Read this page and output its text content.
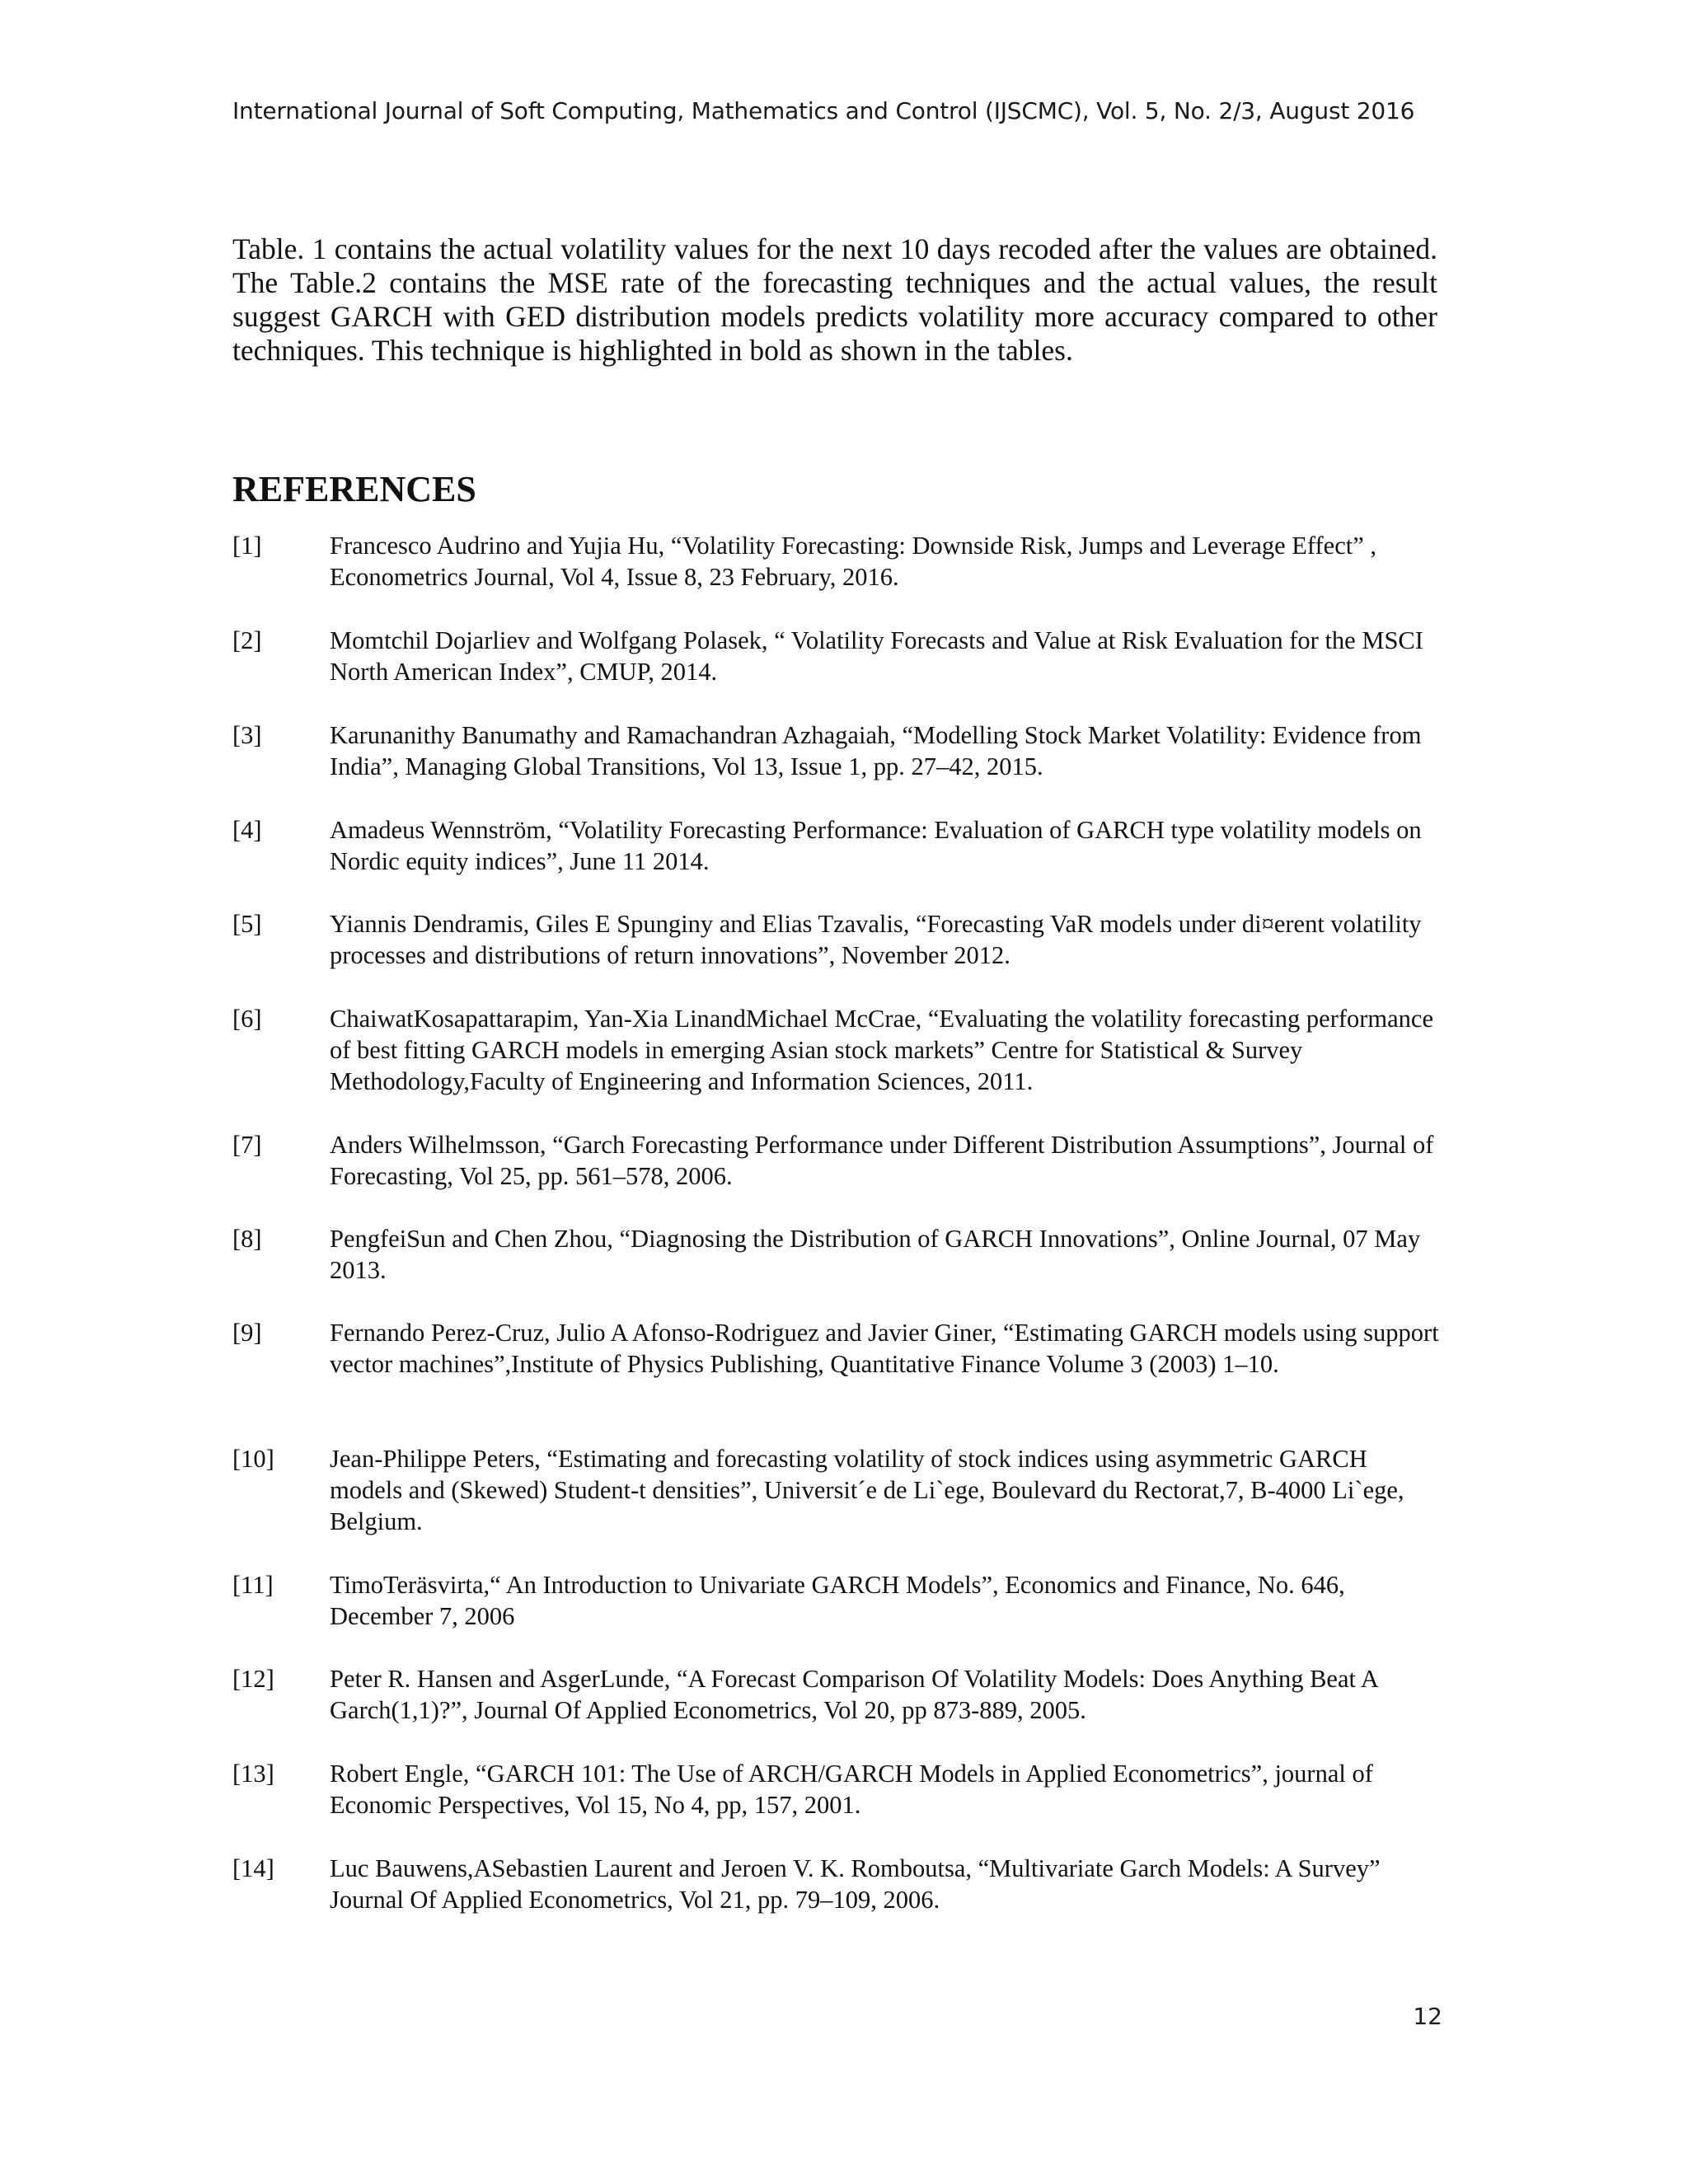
International Journal of Soft Computing, Mathematics and Control (IJSCMC), Vol. 5, No. 2/3, August 2016

Table. 1 contains the actual volatility values for the next 10 days recoded after the values are obtained. The Table.2 contains the MSE rate of the forecasting techniques and the actual values, the result suggest GARCH with GED distribution models predicts volatility more accuracy compared to other techniques. This technique is highlighted in bold as shown in the tables.

REFERENCES
[1]	Francesco Audrino and Yujia Hu, “Volatility Forecasting: Downside Risk, Jumps and Leverage Effect” , Econometrics Journal, Vol 4, Issue 8, 23 February, 2016.
[2]	Momtchil Dojarliev and Wolfgang Polasek, “ Volatility Forecasts and Value at Risk Evaluation for the MSCI North American Index”, CMUP, 2014.
[3]	Karunanithy Banumathy and Ramachandran Azhagaiah, “Modelling Stock Market Volatility: Evidence from India”, Managing Global Transitions, Vol 13, Issue 1, pp. 27–42, 2015.
[4]	Amadeus Wennström, “Volatility Forecasting Performance: Evaluation of GARCH type volatility models on Nordic equity indices”, June 11 2014.
[5]	Yiannis Dendramis, Giles E Spunginy and Elias Tzavalis, “Forecasting VaR models under di¤erent volatility processes and distributions of return innovations”, November 2012.
[6]	ChaiwatKosapattarapim, Yan-Xia LinandMichael McCrae, “Evaluating the volatility forecasting performance of best fitting GARCH models in emerging Asian stock markets” Centre for Statistical & Survey Methodology,Faculty of Engineering and Information Sciences, 2011.
[7]	Anders Wilhelmsson, “Garch Forecasting Performance under Different Distribution Assumptions”, Journal of Forecasting, Vol 25, pp. 561–578, 2006.
[8]	PengfeiSun and Chen Zhou, “Diagnosing the Distribution of GARCH Innovations”, Online Journal, 07 May 2013.
[9]	Fernando Perez-Cruz, Julio A Afonso-Rodriguez and Javier Giner, “Estimating GARCH models using support vector machines”,Institute of Physics Publishing, Quantitative Finance Volume 3 (2003) 1–10.
[10]	Jean-Philippe Peters, “Estimating and forecasting volatility of stock indices using asymmetric GARCH models and (Skewed) Student-t densities”, Universit´e de Li`ege, Boulevard du Rectorat,7, B-4000 Li`ege, Belgium.
[11]	TimoTeräsvirta,“ An Introduction to Univariate GARCH Models”, Economics and Finance, No. 646, December 7, 2006
[12]	Peter R. Hansen and AsgerLunde, “A Forecast Comparison Of Volatility Models: Does Anything Beat A Garch(1,1)?”, Journal Of Applied Econometrics, Vol 20, pp 873-889, 2005.
[13]	Robert Engle, “GARCH 101: The Use of ARCH/GARCH Models in Applied Econometrics”, journal of Economic Perspectives, Vol 15, No 4, pp, 157, 2001.
[14]	Luc Bauwens,ASebastien Laurent and Jeroen V. K. Romboutsa, “Multivariate Garch Models: A Survey” Journal Of Applied Econometrics, Vol 21, pp. 79–109, 2006.
12
